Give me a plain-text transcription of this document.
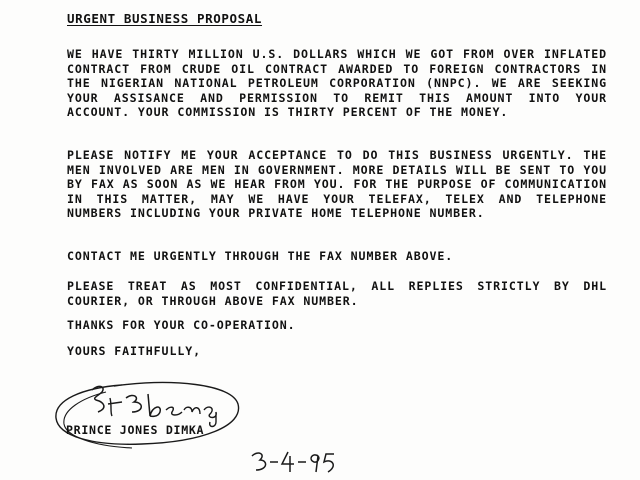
URGENT BUSINESS PROPOSAL

WE HAVE THIRTY MILLION U.S. DOLLARS WHICH WE GOT FROM OVER INFLATED CONTRACT FROM CRUDE OIL CONTRACT AWARDED TO FOREIGN CONTRACTORS IN THE NIGERIAN NATIONAL PETROLEUM CORPORATION (NNPC). WE ARE SEEKING YOUR ASSISANCE AND PERMISSION TO REMIT THIS AMOUNT INTO YOUR ACCOUNT. YOUR COMMISSION IS THIRTY PERCENT OF THE MONEY.

PLEASE NOTIFY ME YOUR ACCEPTANCE TO DO THIS BUSINESS URGENTLY. THE MEN INVOLVED ARE MEN IN GOVERNMENT. MORE DETAILS WILL BE SENT TO YOU BY FAX AS SOON AS WE HEAR FROM YOU. FOR THE PURPOSE OF COMMUNICATION IN THIS MATTER, MAY WE HAVE YOUR TELEFAX, TELEX AND TELEPHONE NUMBERS INCLUDING YOUR PRIVATE HOME TELEPHONE NUMBER.

CONTACT ME URGENTLY THROUGH THE FAX NUMBER ABOVE.

PLEASE TREAT AS MOST CONFIDENTIAL, ALL REPLIES STRICTLY BY DHL COURIER, OR THROUGH ABOVE FAX NUMBER.

THANKS FOR YOUR CO-OPERATION.

YOURS FAITHFULLY,

PRINCE JONES DIMKA
